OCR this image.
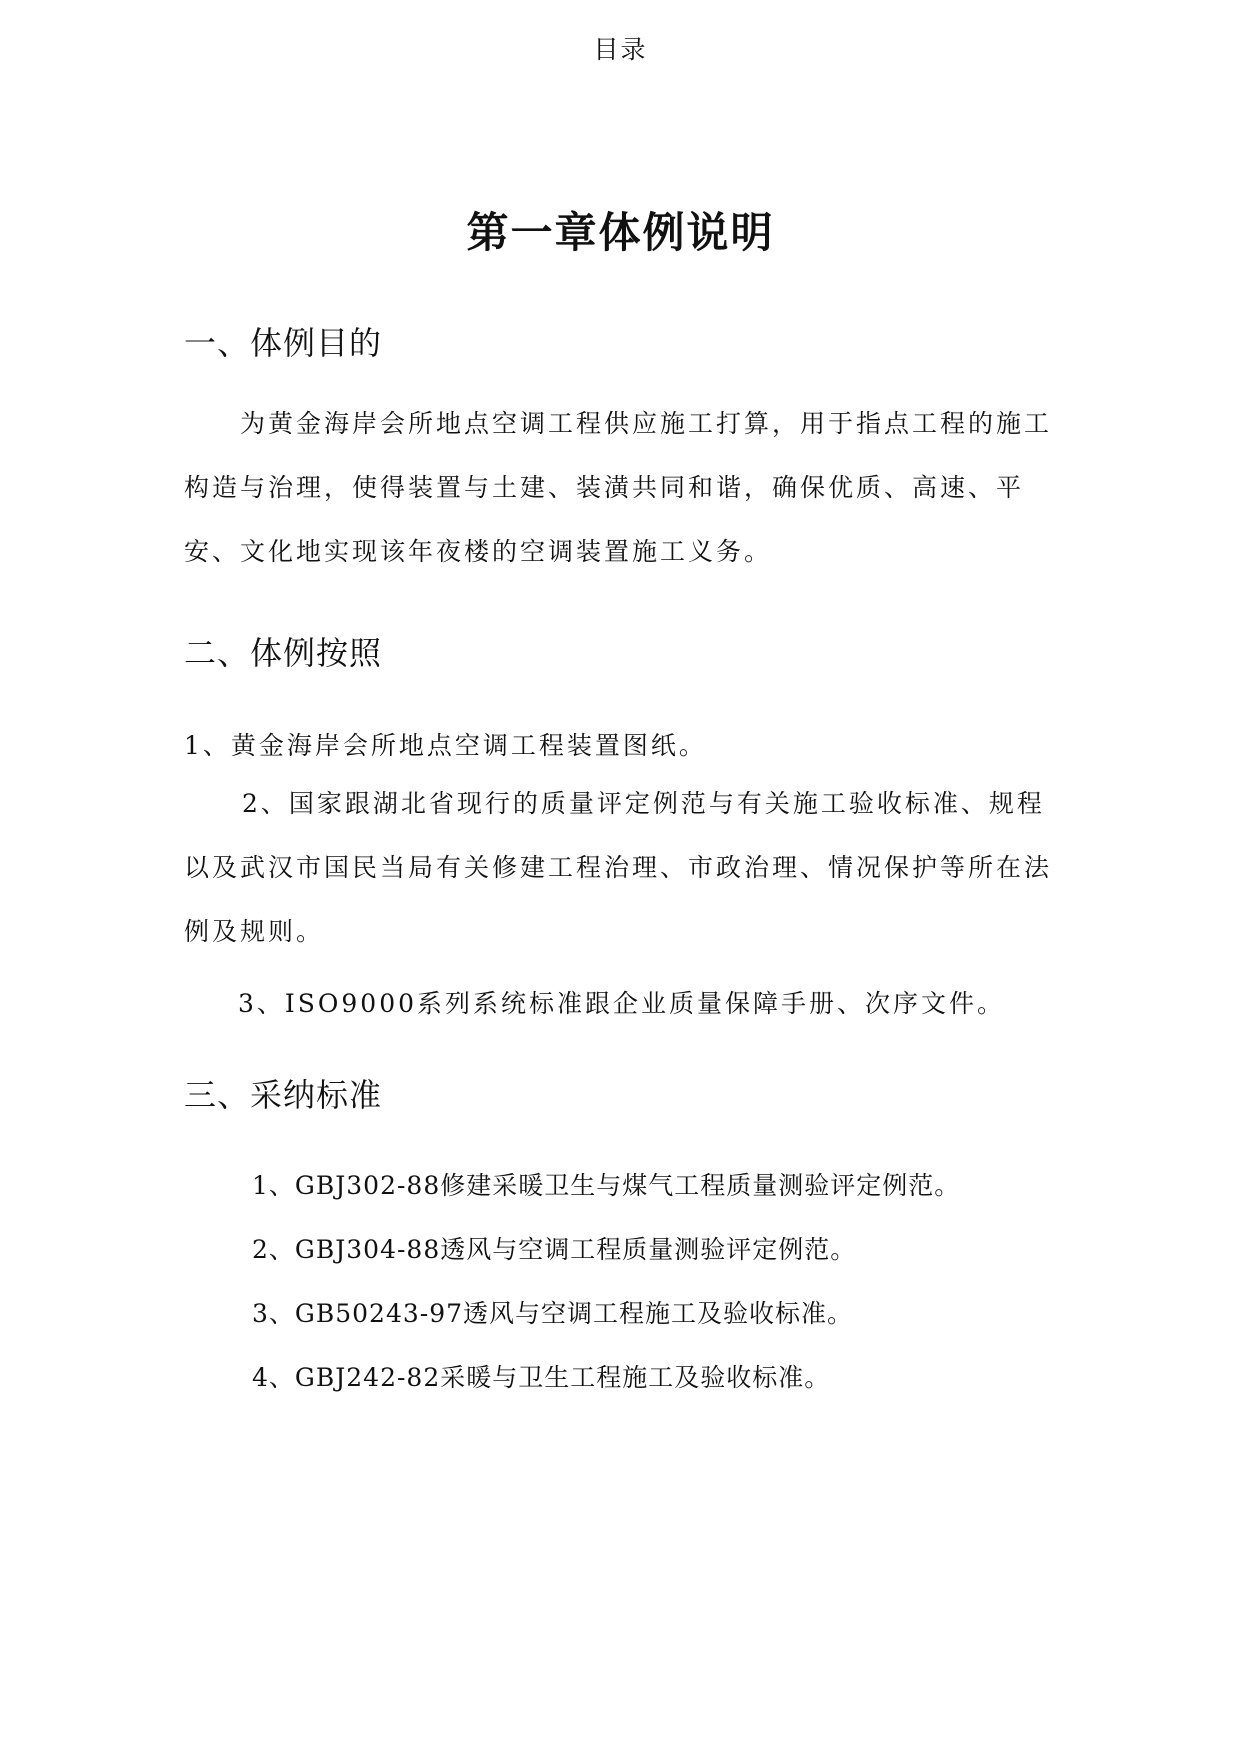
目录
第一章体例说明
一、体例目的
为黄金海岸会所地点空调工程供应施工打算，用于指点工程的施工构造与治理，使得装置与土建、装潢共同和谐，确保优质、高速、平安、文化地实现该年夜楼的空调装置施工义务。
二、体例按照
1、黄金海岸会所地点空调工程装置图纸。
2、国家跟湖北省现行的质量评定例范与有关施工验收标准、规程以及武汉市国民当局有关修建工程治理、市政治理、情况保护等所在法例及规则。
3、ISO9000系列系统标准跟企业质量保障手册、次序文件。
三、采纳标准
1、GBJ302-88修建采暖卫生与煤气工程质量测验评定例范。
2、GBJ304-88透风与空调工程质量测验评定例范。
3、GB50243-97透风与空调工程施工及验收标准。
4、GBJ242-82采暖与卫生工程施工及验收标准。
